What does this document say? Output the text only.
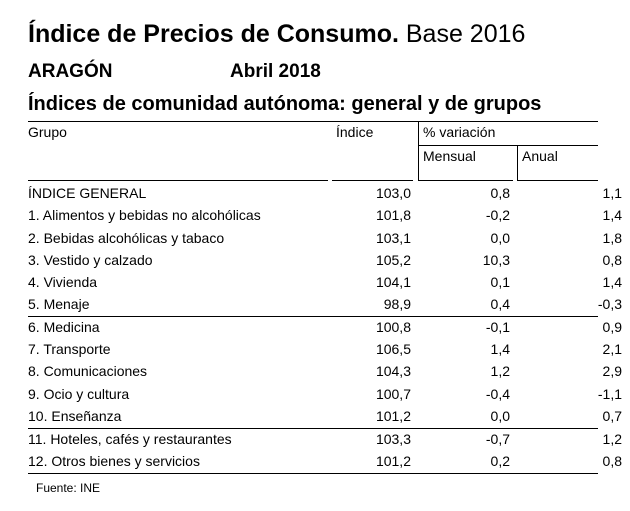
Índice de Precios de Consumo. Base 2016
ARAGÓN	Abril 2018
Índices de comunidad autónoma: general y de grupos
Grupo	Índice	% variación
Mensual	Anual
ÍNDICE GENERAL	103,0	0,8	1,1
1. Alimentos y bebidas no alcohólicas	101,8	-0,2	1,4
2. Bebidas alcohólicas y tabaco	103,1	0,0	1,8
3. Vestido y calzado	105,2	10,3	0,8
4. Vivienda	104,1	0,1	1,4
5. Menaje	98,9	0,4	-0,3
6. Medicina	100,8	-0,1	0,9
7. Transporte	106,5	1,4	2,1
8. Comunicaciones	104,3	1,2	2,9
9. Ocio y cultura	100,7	-0,4	-1,1
10. Enseñanza	101,2	0,0	0,7
11. Hoteles, cafés y restaurantes	103,3	-0,7	1,2
12. Otros bienes y servicios	101,2	0,2	0,8
Fuente: INE
